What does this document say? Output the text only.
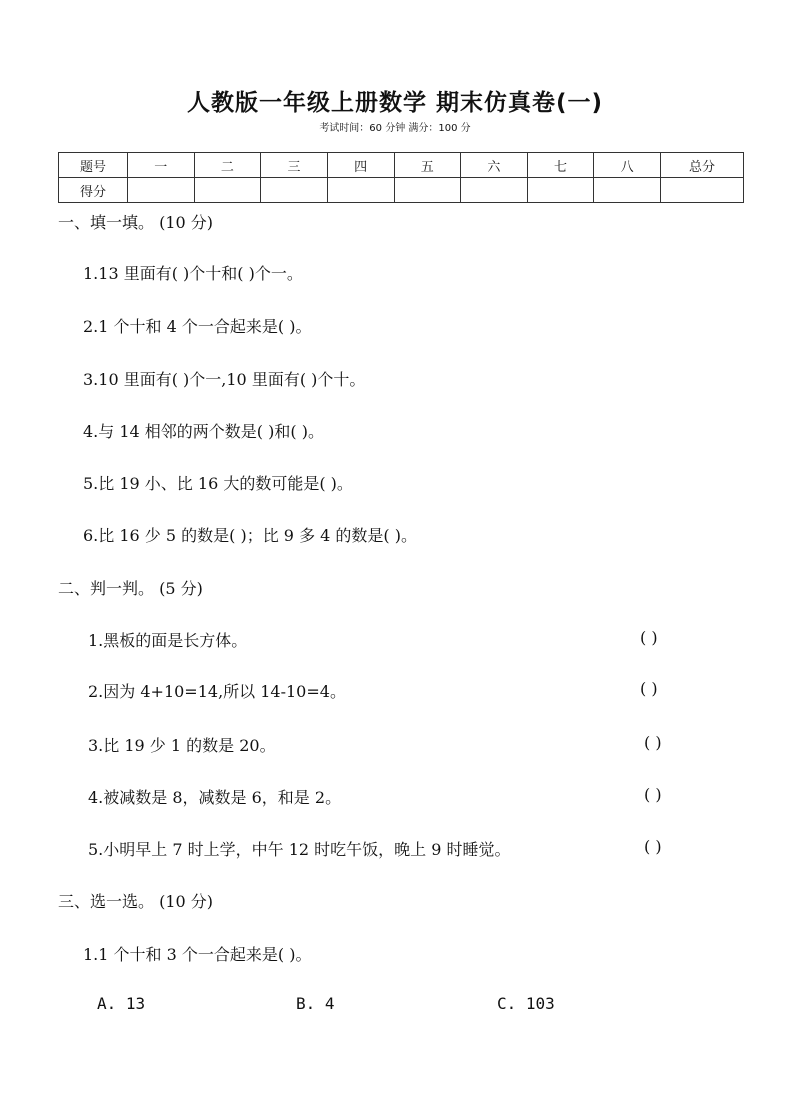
人教版一年级上册数学 期末仿真卷(一)
考试时间：60 分钟 满分：100 分
题号	一	二	三	四	五	六	七	八	总分
得分									
一、填一填。 (10 分)
1.13 里面有( )个十和( )个一。
2.1 个十和 4 个一合起来是( )。
3.10 里面有( )个一,10 里面有( )个十。
4.与 14 相邻的两个数是( )和( )。
5.比 19 小、比 16 大的数可能是( )。
6.比 16 少 5 的数是( )；比 9 多 4 的数是( )。
二、判一判。 (5 分)
1.黑板的面是长方体。	( )
2.因为 4+10=14,所以 14-10=4。	( )
3.比 19 少 1 的数是 20。	( )
4.被减数是 8，减数是 6，和是 2。	( )
5.小明早上 7 时上学，中午 12 时吃午饭，晚上 9 时睡觉。	( )
三、选一选。 (10 分)
1.1 个十和 3 个一合起来是( )。
A. 13	B. 4	C. 103
